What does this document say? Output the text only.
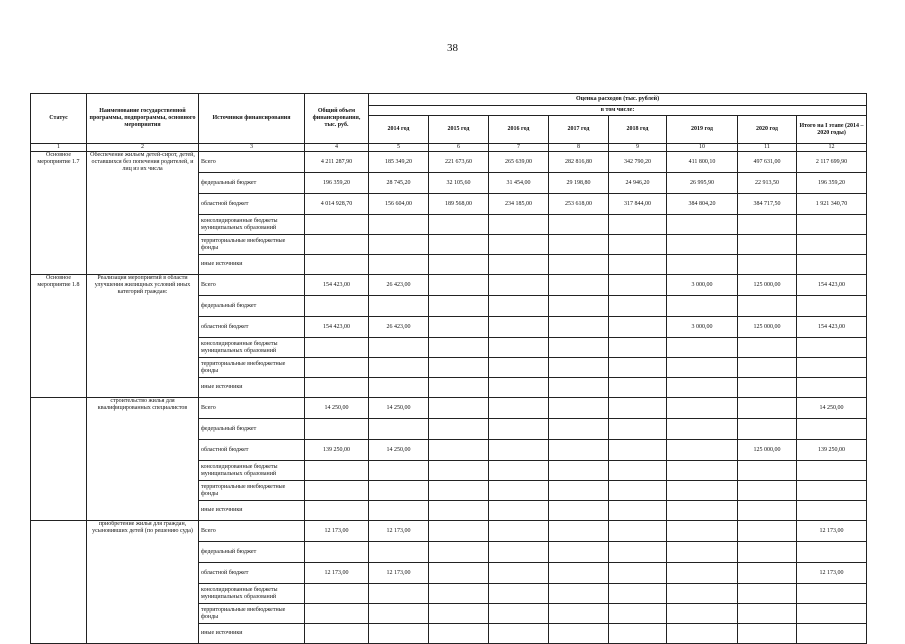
38
Статус	Наименование государственной программы, подпрограммы, основного мероприятия	Источники финансирования	Общий объем финансирования, тыс. руб.	Оценка расходов (тыс. рублей)							
				в том числе:							
				2014 год	2015 год	2016 год	2017 год	2018 год	2019 год	2020 год	Итого на I этапе (2014 – 2020 годы)
1	2	3	4	5	6	7	8	9	10	11	12
Основное мероприятие 1.7	Обеспечение жильем детей-сирот, детей, оставшихся без попечения родителей, и лиц из их числа	Всего	4 211 287,90	185 349,20	221 673,60	265 639,00	282 816,80	342 790,20	411 800,10	497 631,00	2 117 699,90
		федеральный бюджет	196 359,20	28 745,20	32 105,60	31 454,00	29 198,80	24 946,20	26 995,90	22 913,50	196 359,20
		областной бюджет	4 014 928,70	156 604,00	189 568,00	234 185,00	253 618,00	317 844,00	384 804,20	384 717,50	1 921 340,70
		консолидированные бюджеты муниципальных образований									
		территориальные внебюджетные фонды									
		иные источники									
Основное мероприятие 1.8	Реализация мероприятий в области улучшения жилищных условий иных категорий граждан:	Всего	154 423,00	26 423,00					3 000,00	125 000,00	154 423,00
		федеральный бюджет									
		областной бюджет	154 423,00	26 423,00					3 000,00	125 000,00	154 423,00
		консолидированные бюджеты муниципальных образований									
		территориальные внебюджетные фонды									
		иные источники									
	строительство жилья для квалифицированных специалистов	Всего	14 250,00	14 250,00							14 250,00
		федеральный бюджет									
		областной бюджет	139 250,00	14 250,00						125 000,00	139 250,00
		консолидированные бюджеты муниципальных образований									
		территориальные внебюджетные фонды									
		иные источники									
	приобретение жилья для граждан, усыновивших детей (по решению суда)	Всего	12 173,00	12 173,00							12 173,00
		федеральный бюджет									
		областной бюджет	12 173,00	12 173,00							12 173,00
		консолидированные бюджеты муниципальных образований									
		территориальные внебюджетные фонды									
		иные источники									
